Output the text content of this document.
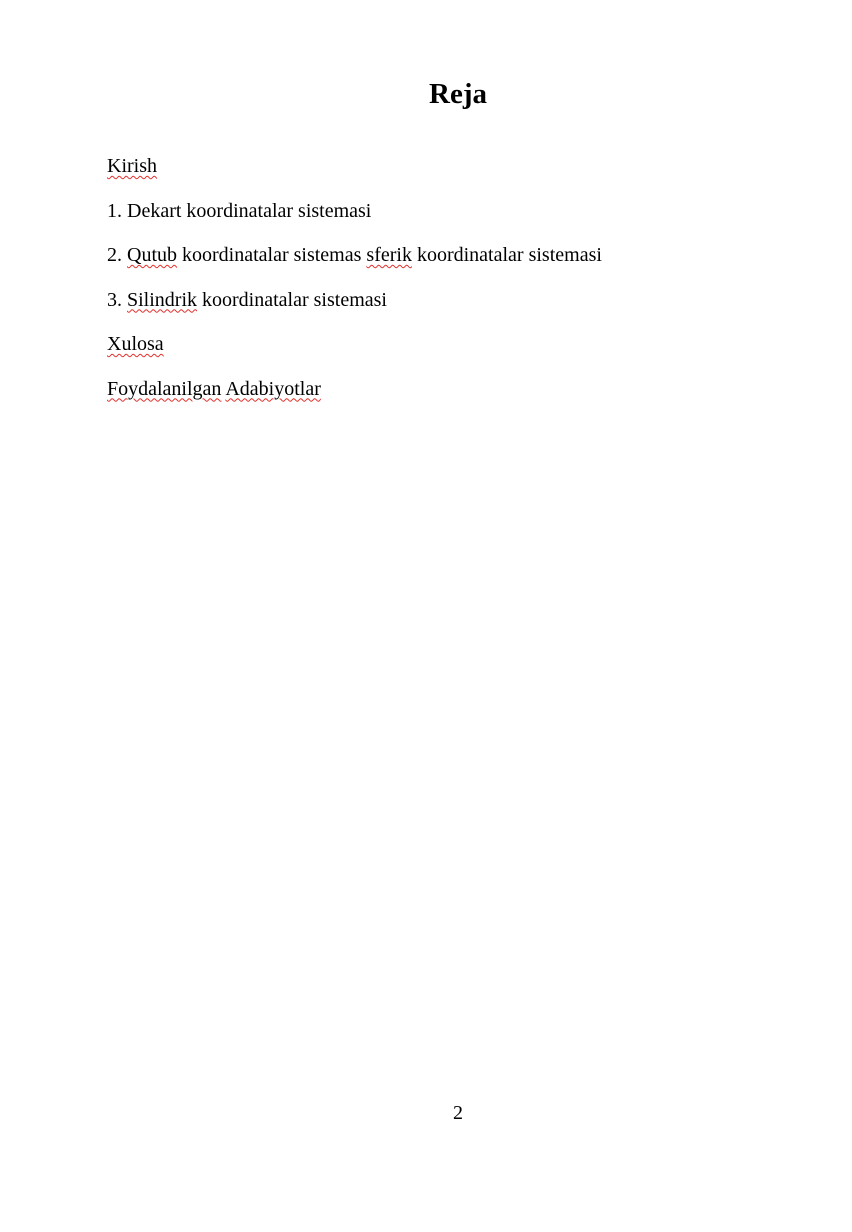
Reja
Kirish
1. Dekart koordinatalar sistemasi
2. Qutub koordinatalar sistemas sferik koordinatalar sistemasi
3. Silindrik koordinatalar sistemasi
Xulosa
Foydalanilgan Adabiyotlar
2
